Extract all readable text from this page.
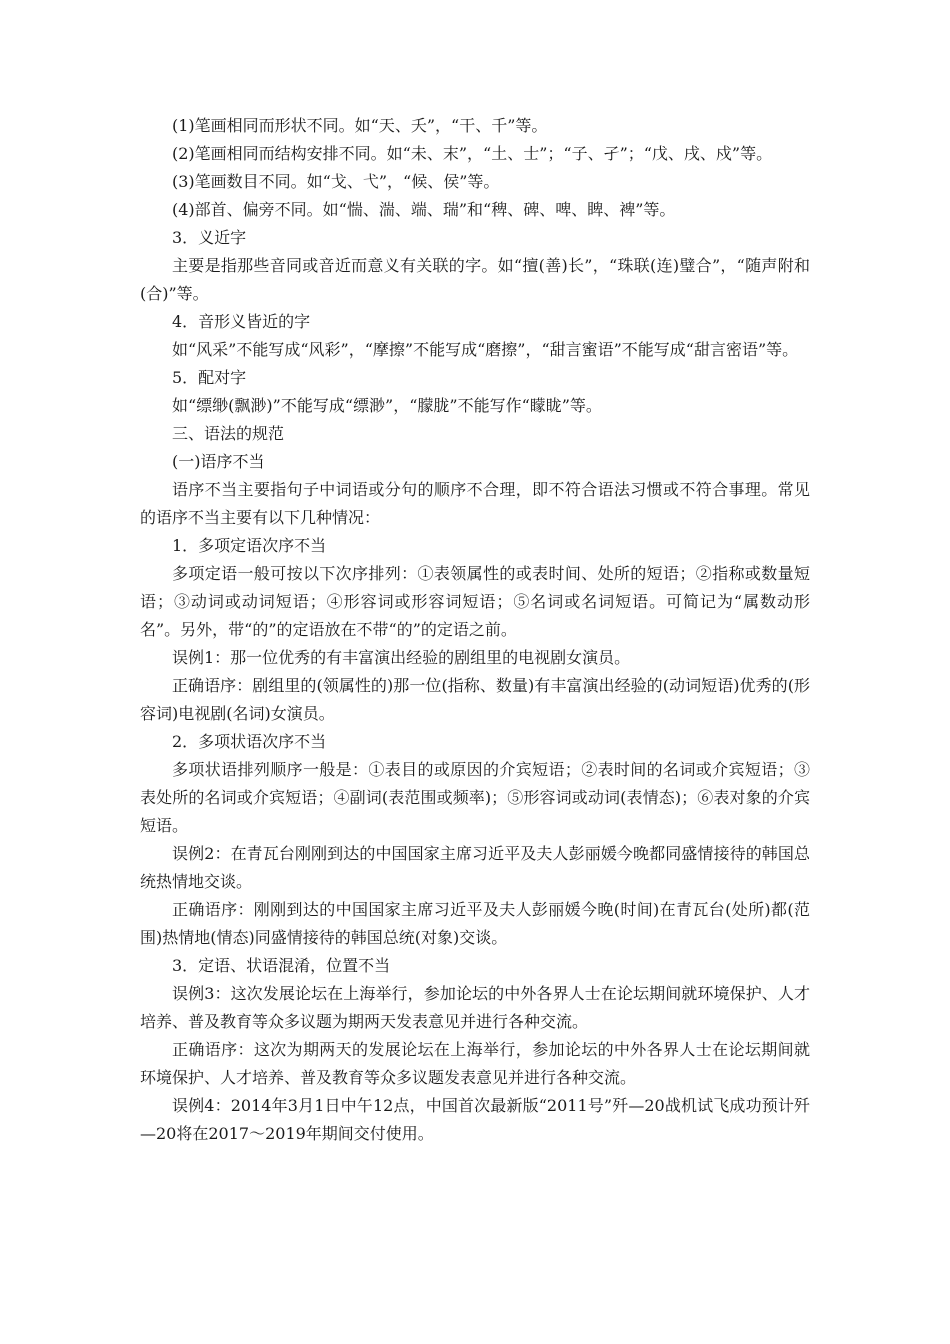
(1)笔画相同而形状不同。如“天、夭”，“干、千”等。

(2)笔画相同而结构安排不同。如“未、末”，“土、士”；“子、孑”；“戊、戌、戍”等。

(3)笔画数目不同。如“戈、弋”，“候、侯”等。

(4)部首、偏旁不同。如“惴、湍、端、瑞”和“稗、碑、啤、睥、裨”等。

3．义近字

主要是指那些音同或音近而意义有关联的字。如“擅(善)长”，“珠联(连)璧合”，“随声附和(合)”等。

4．音形义皆近的字

如“风采”不能写成“风彩”，“摩擦”不能写成“磨擦”，“甜言蜜语”不能写成“甜言密语”等。

5．配对字

如“缥缈(飘渺)”不能写成“缥渺”，“朦胧”不能写作“矇眬”等。

三、语法的规范

(一)语序不当

语序不当主要指句子中词语或分句的顺序不合理，即不符合语法习惯或不符合事理。常见的语序不当主要有以下几种情况：

1．多项定语次序不当

多项定语一般可按以下次序排列：①表领属性的或表时间、处所的短语；②指称或数量短语；③动词或动词短语；④形容词或形容词短语；⑤名词或名词短语。可简记为“属数动形名”。另外，带“的”的定语放在不带“的”的定语之前。

误例1：那一位优秀的有丰富演出经验的剧组里的电视剧女演员。

正确语序：剧组里的(领属性的)那一位(指称、数量)有丰富演出经验的(动词短语)优秀的(形容词)电视剧(名词)女演员。

2．多项状语次序不当

多项状语排列顺序一般是：①表目的或原因的介宾短语；②表时间的名词或介宾短语；③表处所的名词或介宾短语；④副词(表范围或频率)；⑤形容词或动词(表情态)；⑥表对象的介宾短语。

误例2：在青瓦台刚刚到达的中国国家主席习近平及夫人彭丽媛今晚都同盛情接待的韩国总统热情地交谈。

正确语序：刚刚到达的中国国家主席习近平及夫人彭丽媛今晚(时间)在青瓦台(处所)都(范围)热情地(情态)同盛情接待的韩国总统(对象)交谈。

3．定语、状语混淆，位置不当

误例3：这次发展论坛在上海举行，参加论坛的中外各界人士在论坛期间就环境保护、人才培养、普及教育等众多议题为期两天发表意见并进行各种交流。

正确语序：这次为期两天的发展论坛在上海举行，参加论坛的中外各界人士在论坛期间就环境保护、人才培养、普及教育等众多议题发表意见并进行各种交流。

误例4：2014年3月1日中午12点，中国首次最新版“2011号”歼—20战机试飞成功预计歼—20将在2017～2019年期间交付使用。
